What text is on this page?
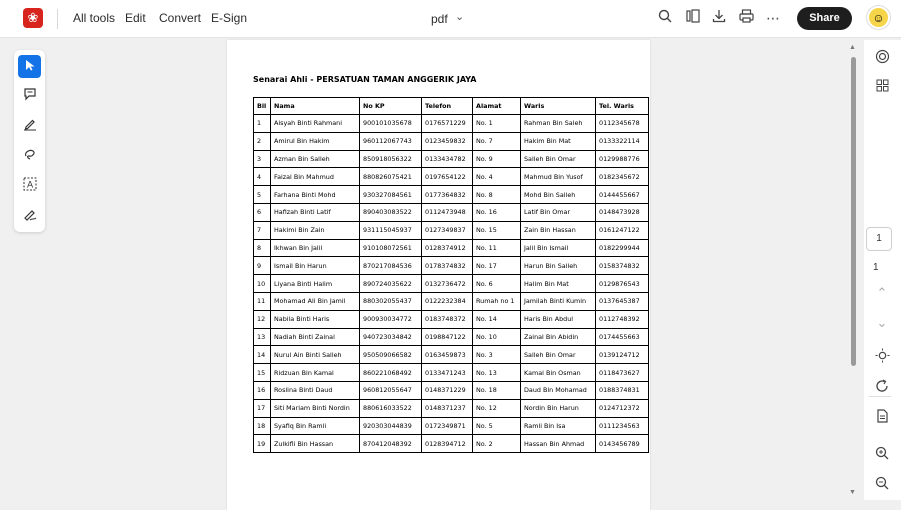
❀	All tools Edit Convert E-Sign	pdf ⌄	⋯	Share	☺
A
Senarai Ahli - PERSATUAN TAMAN ANGGERIK JAYA
Bil	Nama	No KP	Telefon	Alamat	Waris	Tel. Waris
1	Aisyah Binti Rahmani	900101035678	0176571229	No. 1	Rahman Bin Saleh	0112345678
2	Amirul Bin Hakim	960112067743	0123459832	No. 7	Hakim Bin Mat	0133322114
3	Azman Bin Salleh	850918056322	0133434782	No. 9	Salleh Bin Omar	0129988776
4	Faizal Bin Mahmud	880826075421	0197654122	No. 4	Mahmud Bin Yusof	0182345672
5	Farhana Binti Mohd	930327084561	0177364832	No. 8	Mohd Bin Salleh	0144455667
6	Hafizah Binti Latif	890403083522	0112473948	No. 16	Latif Bin Omar	0148473928
7	Hakimi Bin Zain	931115045937	0127349837	No. 15	Zain Bin Hassan	0161247122
8	Ikhwan Bin Jalil	910108072561	0128374912	No. 11	Jalil Bin Ismail	0182299944
9	Ismail Bin Harun	870217084536	0178374832	No. 17	Harun Bin Salleh	0158374832
10	Liyana Binti Halim	890724035622	0132736472	No. 6	Halim Bin Mat	0129876543
11	Mohamad Ali Bin Jamil	880302055437	0122232384	Rumah no 1	Jamilah Binti Kumin	0137645387
12	Nabila Binti Haris	900930034772	0183748372	No. 14	Haris Bin Abdul	0112748392
13	Nadiah Binti Zainal	940723034842	0198847122	No. 10	Zainal Bin Abidin	0174455663
14	Nurul Ain Binti Salleh	950509066582	0163459873	No. 3	Salleh Bin Omar	0139124712
15	Ridzuan Bin Kamal	860221068492	0133471243	No. 13	Kamal Bin Osman	0118473627
16	Roslina Binti Daud	960812055647	0148371229	No. 18	Daud Bin Mohamad	0188374831
17	Siti Mariam Binti Nordin	880616033522	0148371237	No. 12	Nordin Bin Harun	0124712372
18	Syafiq Bin Ramli	920303044839	0172349871	No. 5	Ramli Bin Isa	0111234563
19	Zulkifli Bin Hassan	870412048392	0128394712	No. 2	Hassan Bin Ahmad	0143456789
▲
▼
⌃
⌄
1
1
